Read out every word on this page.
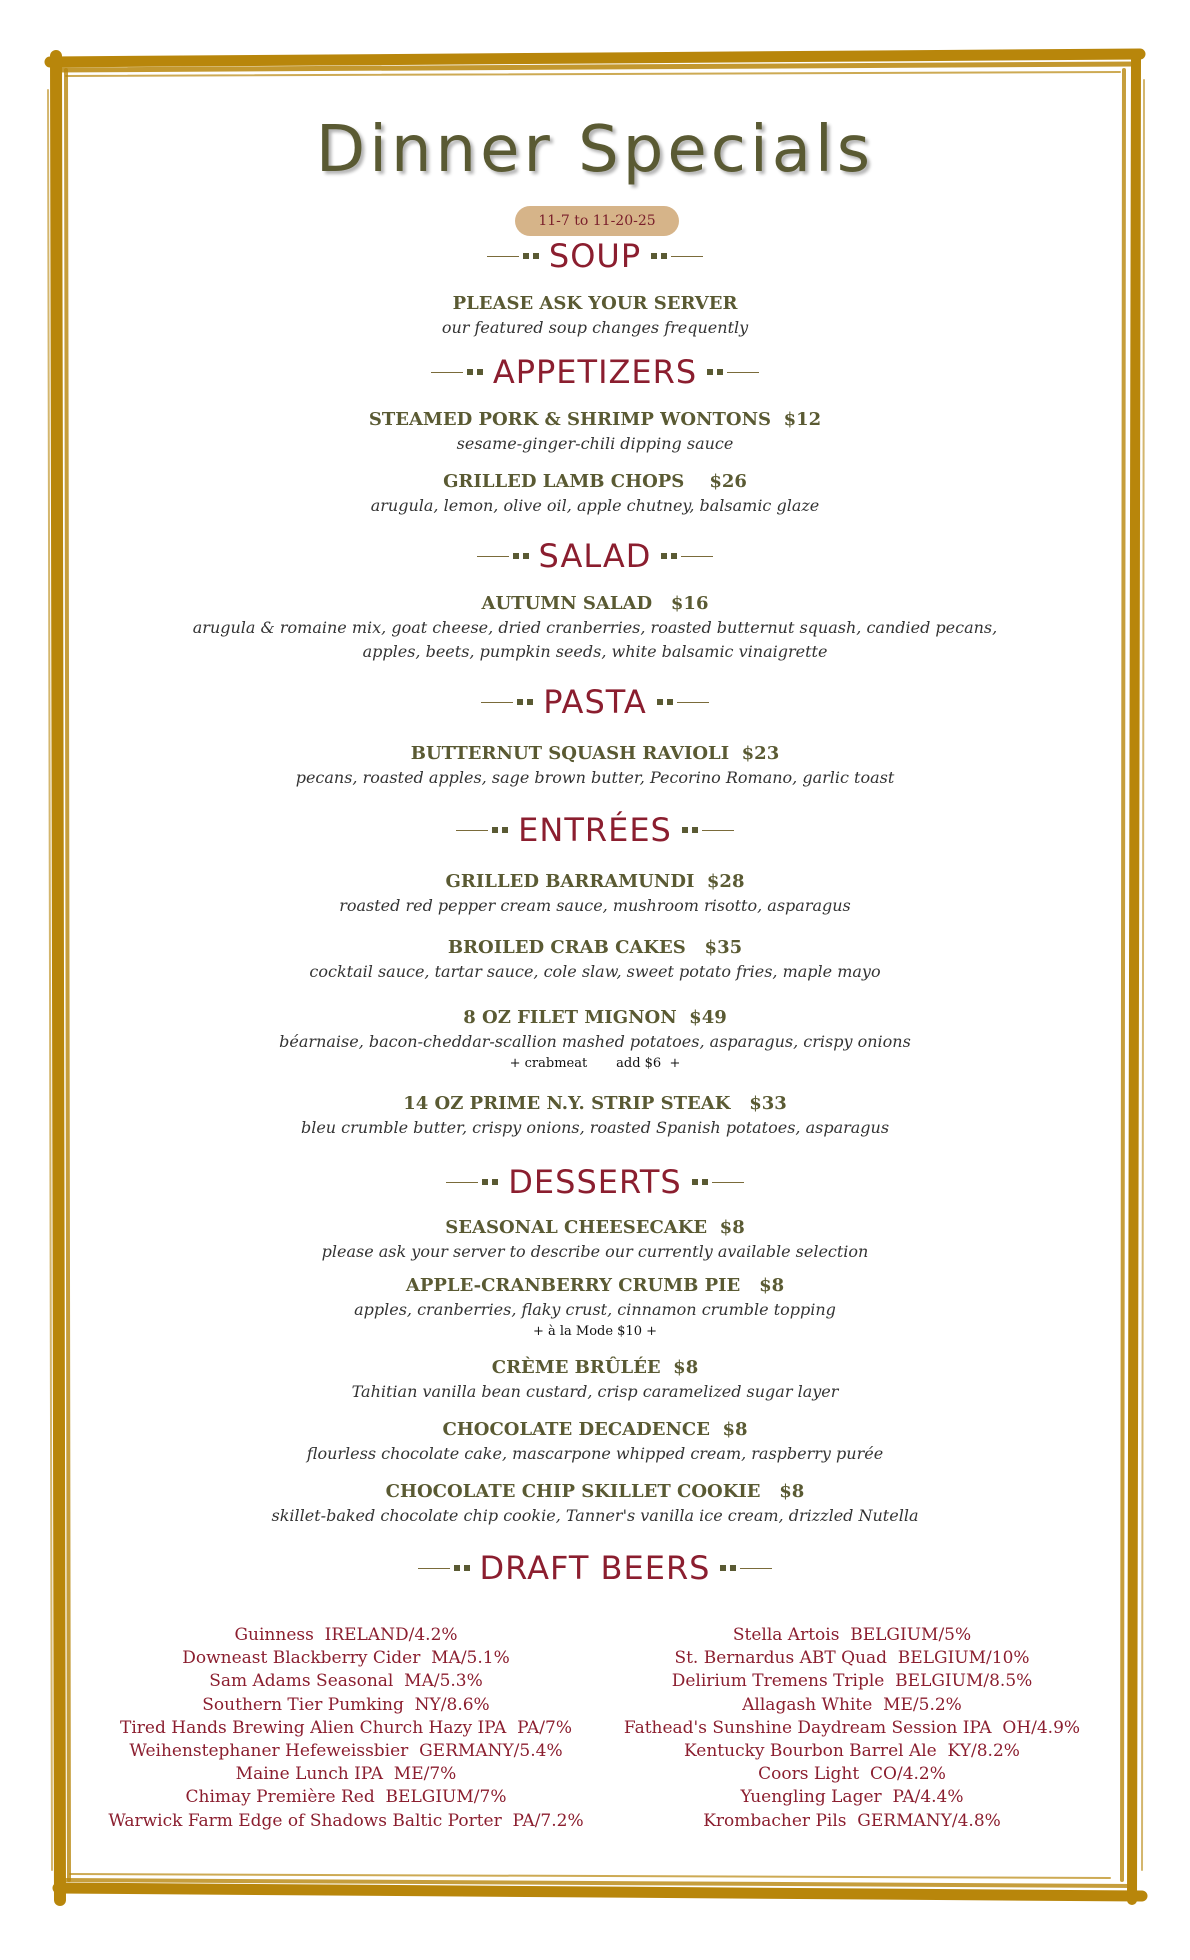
Dinner Specials
11-7 to 11-20-25
SOUP
PLEASE ASK YOUR SERVER
our featured soup changes frequently
APPETIZERS
STEAMED PORK & SHRIMP WONTONS  $12
sesame-ginger-chili dipping sauce
GRILLED LAMB CHOPS    $26
arugula, lemon, olive oil, apple chutney, balsamic glaze
SALAD
AUTUMN SALAD   $16
arugula & romaine mix, goat cheese, dried cranberries, roasted butternut squash, candied pecans,
apples, beets, pumpkin seeds, white balsamic vinaigrette
PASTA
BUTTERNUT SQUASH RAVIOLI  $23
pecans, roasted apples, sage brown butter, Pecorino Romano, garlic toast
ENTRÉES
GRILLED BARRAMUNDI  $28
roasted red pepper cream sauce, mushroom risotto, asparagus
BROILED CRAB CAKES   $35
cocktail sauce, tartar sauce, cole slaw, sweet potato fries, maple mayo
8 OZ FILET MIGNON  $49
béarnaise, bacon-cheddar-scallion mashed potatoes, asparagus, crispy onions
+ crabmeat       add $6  +
14 OZ PRIME N.Y. STRIP STEAK   $33
bleu crumble butter, crispy onions, roasted Spanish potatoes, asparagus
DESSERTS
SEASONAL CHEESECAKE  $8
please ask your server to describe our currently available selection
APPLE-CRANBERRY CRUMB PIE   $8
apples, cranberries, flaky crust, cinnamon crumble topping
+ à la Mode $10 +
CRÈME BRÛLÉE  $8
Tahitian vanilla bean custard, crisp caramelized sugar layer
CHOCOLATE DECADENCE  $8
flourless chocolate cake, mascarpone whipped cream, raspberry purée
CHOCOLATE CHIP SKILLET COOKIE   $8
skillet-baked chocolate chip cookie, Tanner's vanilla ice cream, drizzled Nutella
DRAFT BEERS
Guinness  IRELAND/4.2%
Downeast Blackberry Cider  MA/5.1%
Sam Adams Seasonal  MA/5.3%
Southern Tier Pumking  NY/8.6%
Tired Hands Brewing Alien Church Hazy IPA  PA/7%
Weihenstephaner Hefeweissbier  GERMANY/5.4%
Maine Lunch IPA  ME/7%
Chimay Première Red  BELGIUM/7%
Warwick Farm Edge of Shadows Baltic Porter  PA/7.2%
Stella Artois  BELGIUM/5%
St. Bernardus ABT Quad  BELGIUM/10%
Delirium Tremens Triple  BELGIUM/8.5%
Allagash White  ME/5.2%
Fathead's Sunshine Daydream Session IPA  OH/4.9%
Kentucky Bourbon Barrel Ale  KY/8.2%
Coors Light  CO/4.2%
Yuengling Lager  PA/4.4%
Krombacher Pils  GERMANY/4.8%
